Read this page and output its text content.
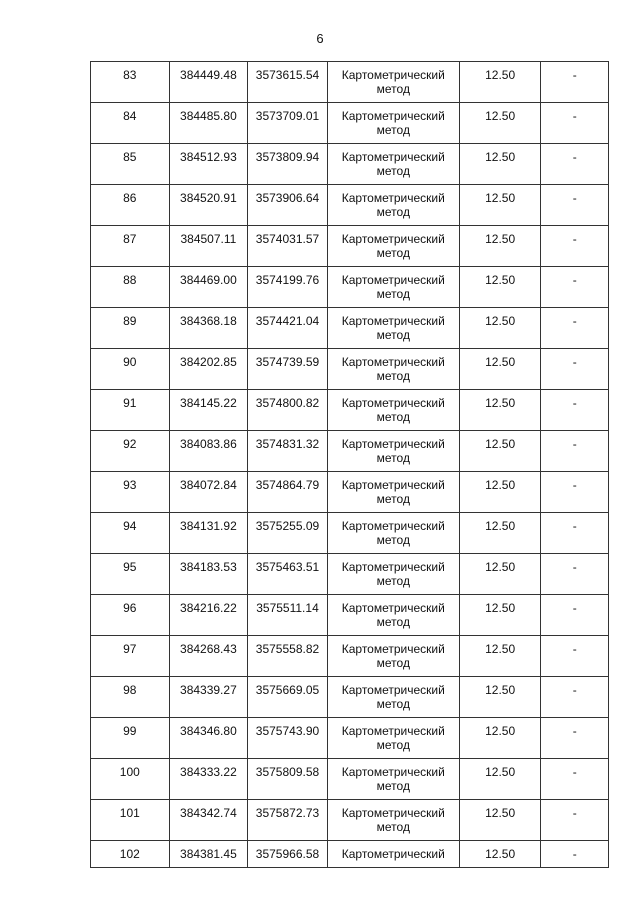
6
83	384449.48	3573615.54	Картометрический метод	12.50	-

84	384485.80	3573709.01	Картометрический метод	12.50	-

85	384512.93	3573809.94	Картометрический метод	12.50	-

86	384520.91	3573906.64	Картометрический метод	12.50	-

87	384507.11	3574031.57	Картометрический метод	12.50	-

88	384469.00	3574199.76	Картометрический метод	12.50	-

89	384368.18	3574421.04	Картометрический метод	12.50	-

90	384202.85	3574739.59	Картометрический метод	12.50	-

91	384145.22	3574800.82	Картометрический метод	12.50	-

92	384083.86	3574831.32	Картометрический метод	12.50	-

93	384072.84	3574864.79	Картометрический метод	12.50	-

94	384131.92	3575255.09	Картометрический метод	12.50	-

95	384183.53	3575463.51	Картометрический метод	12.50	-

96	384216.22	3575511.14	Картометрический метод	12.50	-

97	384268.43	3575558.82	Картометрический метод	12.50	-

98	384339.27	3575669.05	Картометрический метод	12.50	-

99	384346.80	3575743.90	Картометрический метод	12.50	-

100	384333.22	3575809.58	Картометрический метод	12.50	-

101	384342.74	3575872.73	Картометрический метод	12.50	-

102	384381.45	3575966.58	Картометрический	12.50	-
